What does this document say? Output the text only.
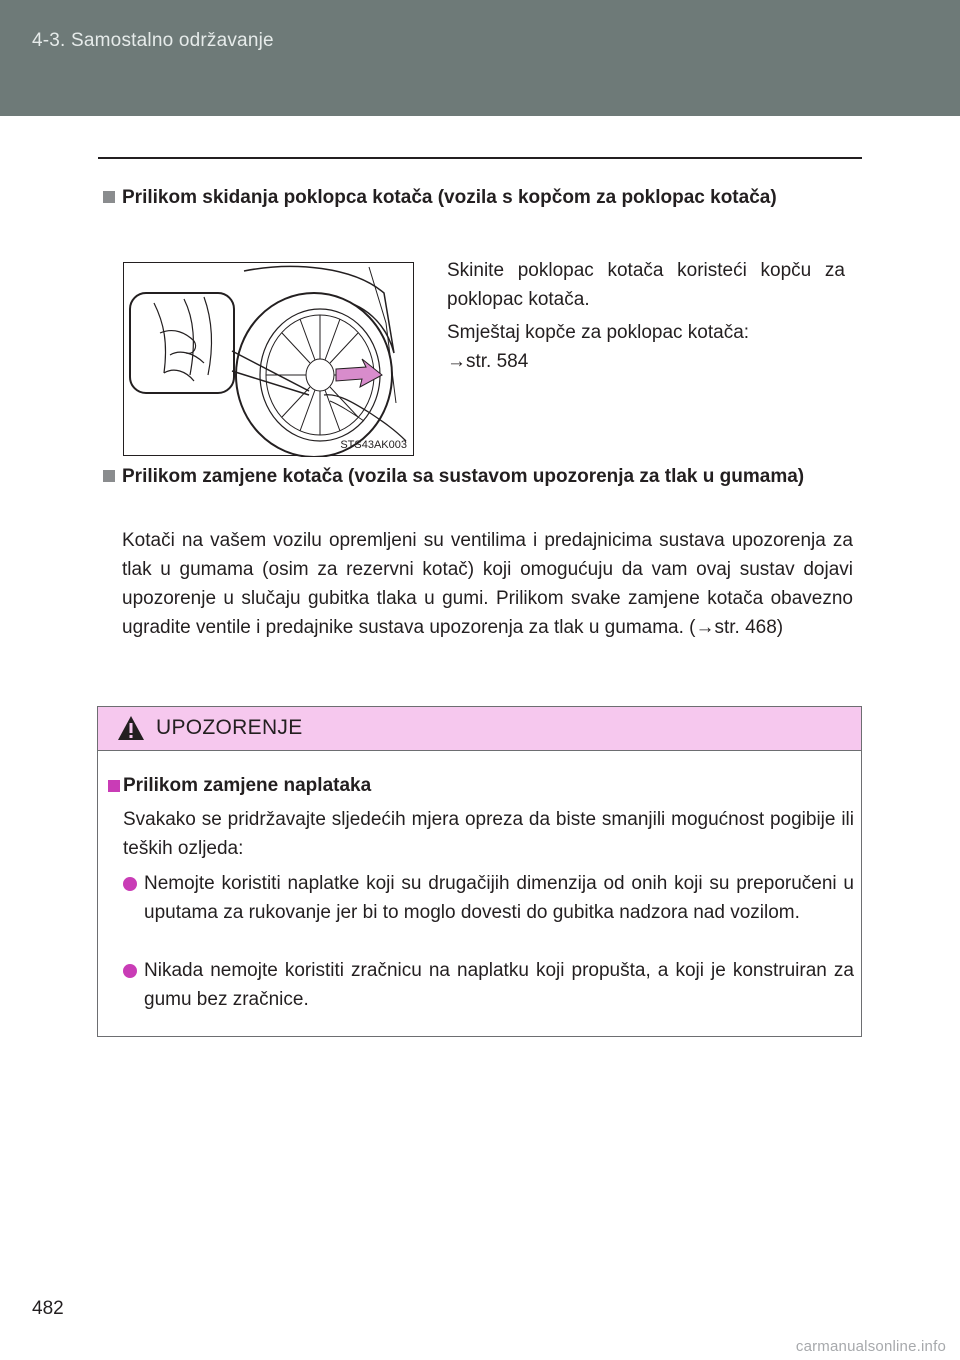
4-3. Samostalno održavanje
Prilikom skidanja poklopca kotača (vozila s kopčom za poklopac kotača)
STS43AK003
Skinite poklopac kotača koristeći kopču za poklopac kotača.
Smještaj kopče za poklopac kotača:
→str. 584
Prilikom zamjene kotača (vozila sa sustavom upozorenja za tlak u gumama)
Kotači na vašem vozilu opremljeni su ventilima i predajnicima sustava upozorenja za tlak u gumama (osim za rezervni kotač) koji omogućuju da vam ovaj sustav dojavi upozorenje u slučaju gubitka tlaka u gumi. Prilikom svake zamjene kotača obavezno ugradite ventile i predajnike sustava upozorenja za tlak u gumama. (→str. 468)
UPOZORENJE
Prilikom zamjene naplataka
Svakako se pridržavajte sljedećih mjera opreza da biste smanjili mogućnost pogibije ili teških ozljeda:
Nemojte koristiti naplatke koji su drugačijih dimenzija od onih koji su preporučeni u uputama za rukovanje jer bi to moglo dovesti do gubitka nadzora nad vozilom.
Nikada nemojte koristiti zračnicu na naplatku koji propušta, a koji je konstruiran za gumu bez zračnice.
482
carmanualsonline.info
